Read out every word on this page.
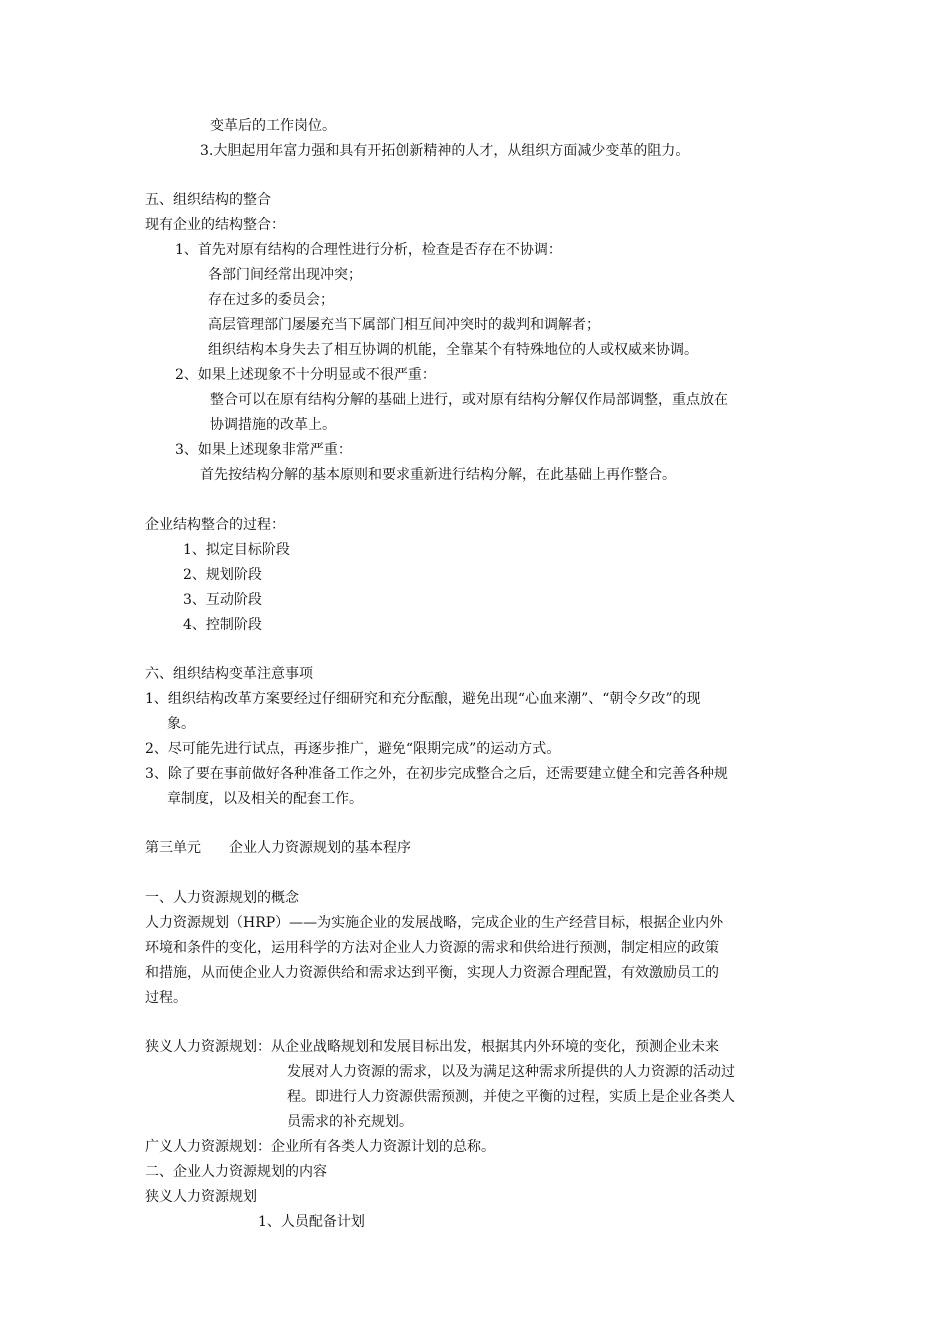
变革后的工作岗位。
3.大胆起用年富力强和具有开拓创新精神的人才，从组织方面减少变革的阻力。
五、组织结构的整合
现有企业的结构整合：
1、首先对原有结构的合理性进行分析，检查是否存在不协调：
各部门间经常出现冲突；
存在过多的委员会；
高层管理部门屡屡充当下属部门相互间冲突时的裁判和调解者；
组织结构本身失去了相互协调的机能，全靠某个有特殊地位的人或权威来协调。
2、如果上述现象不十分明显或不很严重：
整合可以在原有结构分解的基础上进行，或对原有结构分解仅作局部调整，重点放在
协调措施的改革上。
3、如果上述现象非常严重：
首先按结构分解的基本原则和要求重新进行结构分解，在此基础上再作整合。
企业结构整合的过程：
1、拟定目标阶段
2、规划阶段
3、互动阶段
4、控制阶段
六、组织结构变革注意事项
1、组织结构改革方案要经过仔细研究和充分酝酿，避免出现“心血来潮”、“朝令夕改”的现
象。
2、尽可能先进行试点，再逐步推广，避免“限期完成”的运动方式。
3、除了要在事前做好各种准备工作之外，在初步完成整合之后，还需要建立健全和完善各种规
章制度，以及相关的配套工作。
第三单元　　企业人力资源规划的基本程序
一、人力资源规划的概念
人力资源规划（HRP）——为实施企业的发展战略，完成企业的生产经营目标，根据企业内外
环境和条件的变化，运用科学的方法对企业人力资源的需求和供给进行预测，制定相应的政策
和措施，从而使企业人力资源供给和需求达到平衡，实现人力资源合理配置，有效激励员工的
过程。
狭义人力资源规划：从企业战略规划和发展目标出发，根据其内外环境的变化，预测企业未来
发展对人力资源的需求，以及为满足这种需求所提供的人力资源的活动过
程。即进行人力资源供需预测，并使之平衡的过程，实质上是企业各类人
员需求的补充规划。
广义人力资源规划：企业所有各类人力资源计划的总称。
二、企业人力资源规划的内容
狭义人力资源规划
1、人员配备计划
